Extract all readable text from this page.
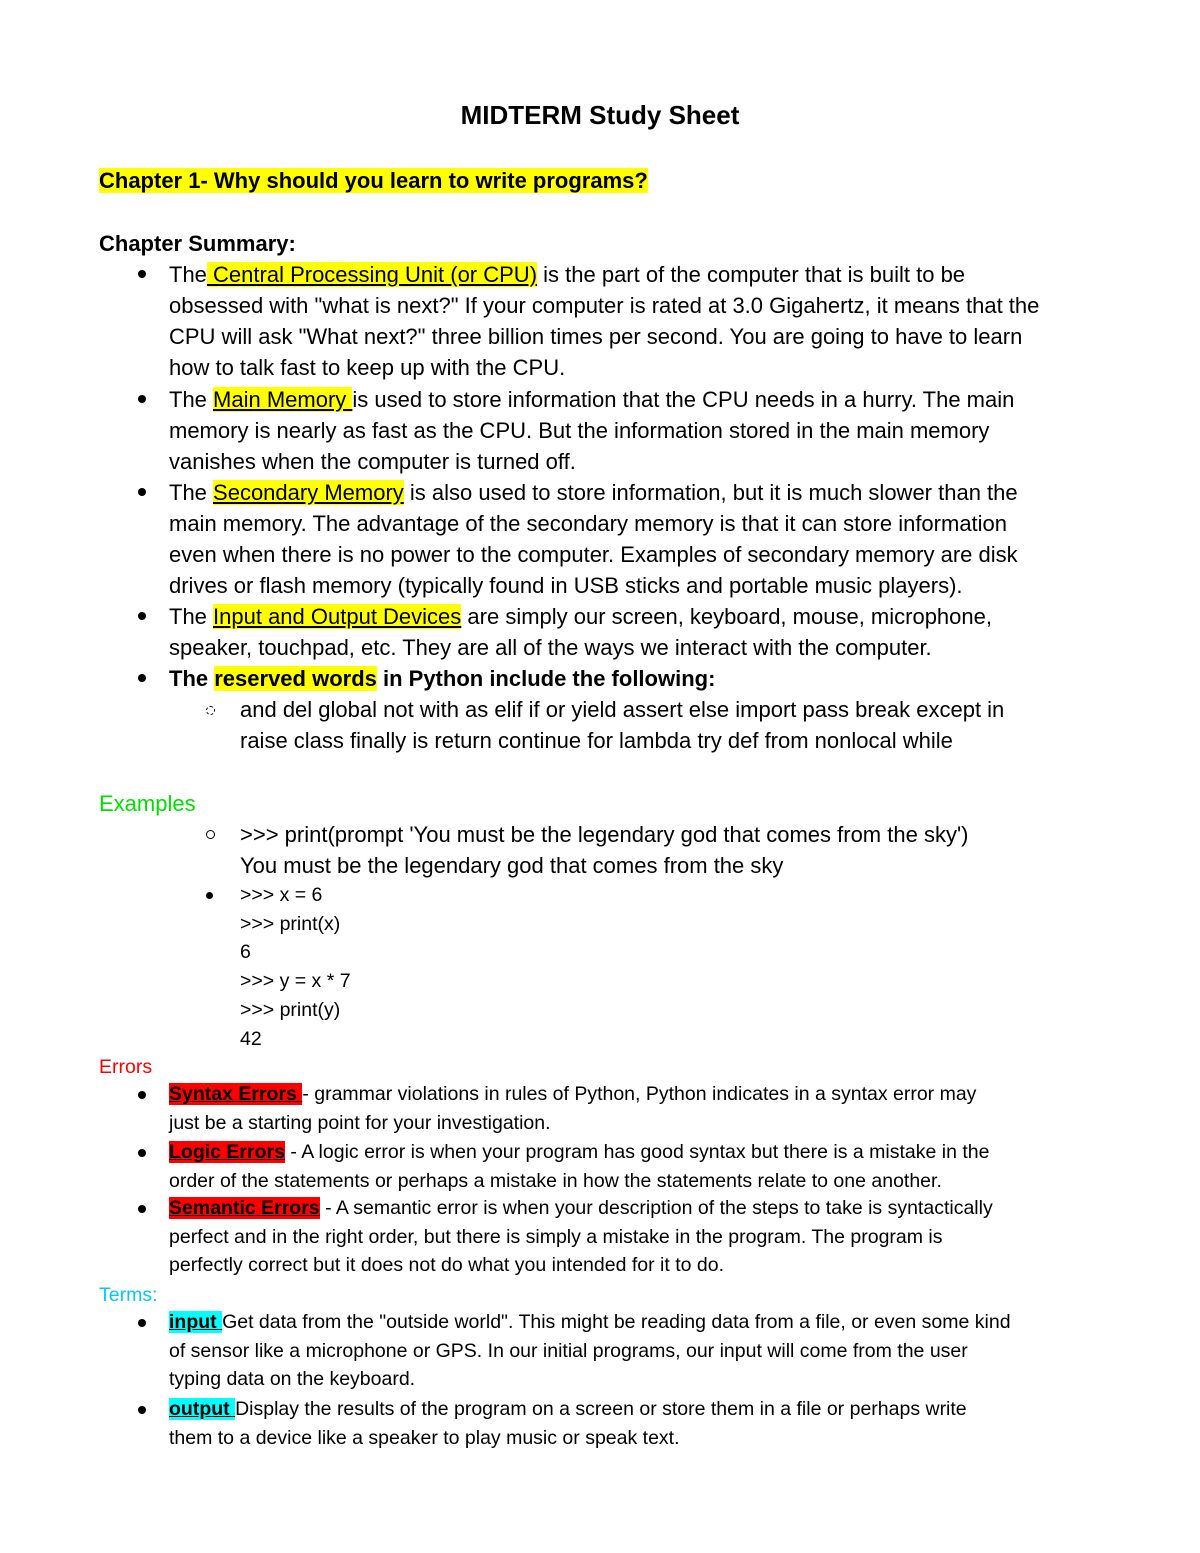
MIDTERM Study Sheet
Chapter 1- Why should you learn to write programs?
Chapter Summary:
The Central Processing Unit (or CPU) is the part of the computer that is built to be
obsessed with "what is next?" If your computer is rated at 3.0 Gigahertz, it means that the
CPU will ask "What next?" three billion times per second. You are going to have to learn
how to talk fast to keep up with the CPU.
The Main Memory is used to store information that the CPU needs in a hurry. The main
memory is nearly as fast as the CPU. But the information stored in the main memory
vanishes when the computer is turned off.
The Secondary Memory is also used to store information, but it is much slower than the
main memory. The advantage of the secondary memory is that it can store information
even when there is no power to the computer. Examples of secondary memory are disk
drives or flash memory (typically found in USB sticks and portable music players).
The Input and Output Devices are simply our screen, keyboard, mouse, microphone,
speaker, touchpad, etc. They are all of the ways we interact with the computer.
The reserved words in Python include the following:
and del global not with as elif if or yield assert else import pass break except in
raise class finally is return continue for lambda try def from nonlocal while
Examples
>>> print(prompt 'You must be the legendary god that comes from the sky')
You must be the legendary god that comes from the sky
>>> x = 6
>>> print(x)
6
>>> y = x * 7
>>> print(y)
42
Errors
Syntax Errors - grammar violations in rules of Python, Python indicates in a syntax error may
just be a starting point for your investigation.
Logic Errors - A logic error is when your program has good syntax but there is a mistake in the
order of the statements or perhaps a mistake in how the statements relate to one another.
Semantic Errors - A semantic error is when your description of the steps to take is syntactically
perfect and in the right order, but there is simply a mistake in the program. The program is
perfectly correct but it does not do what you intended for it to do.
Terms:
input Get data from the "outside world". This might be reading data from a file, or even some kind
of sensor like a microphone or GPS. In our initial programs, our input will come from the user
typing data on the keyboard.
output Display the results of the program on a screen or store them in a file or perhaps write
them to a device like a speaker to play music or speak text.
